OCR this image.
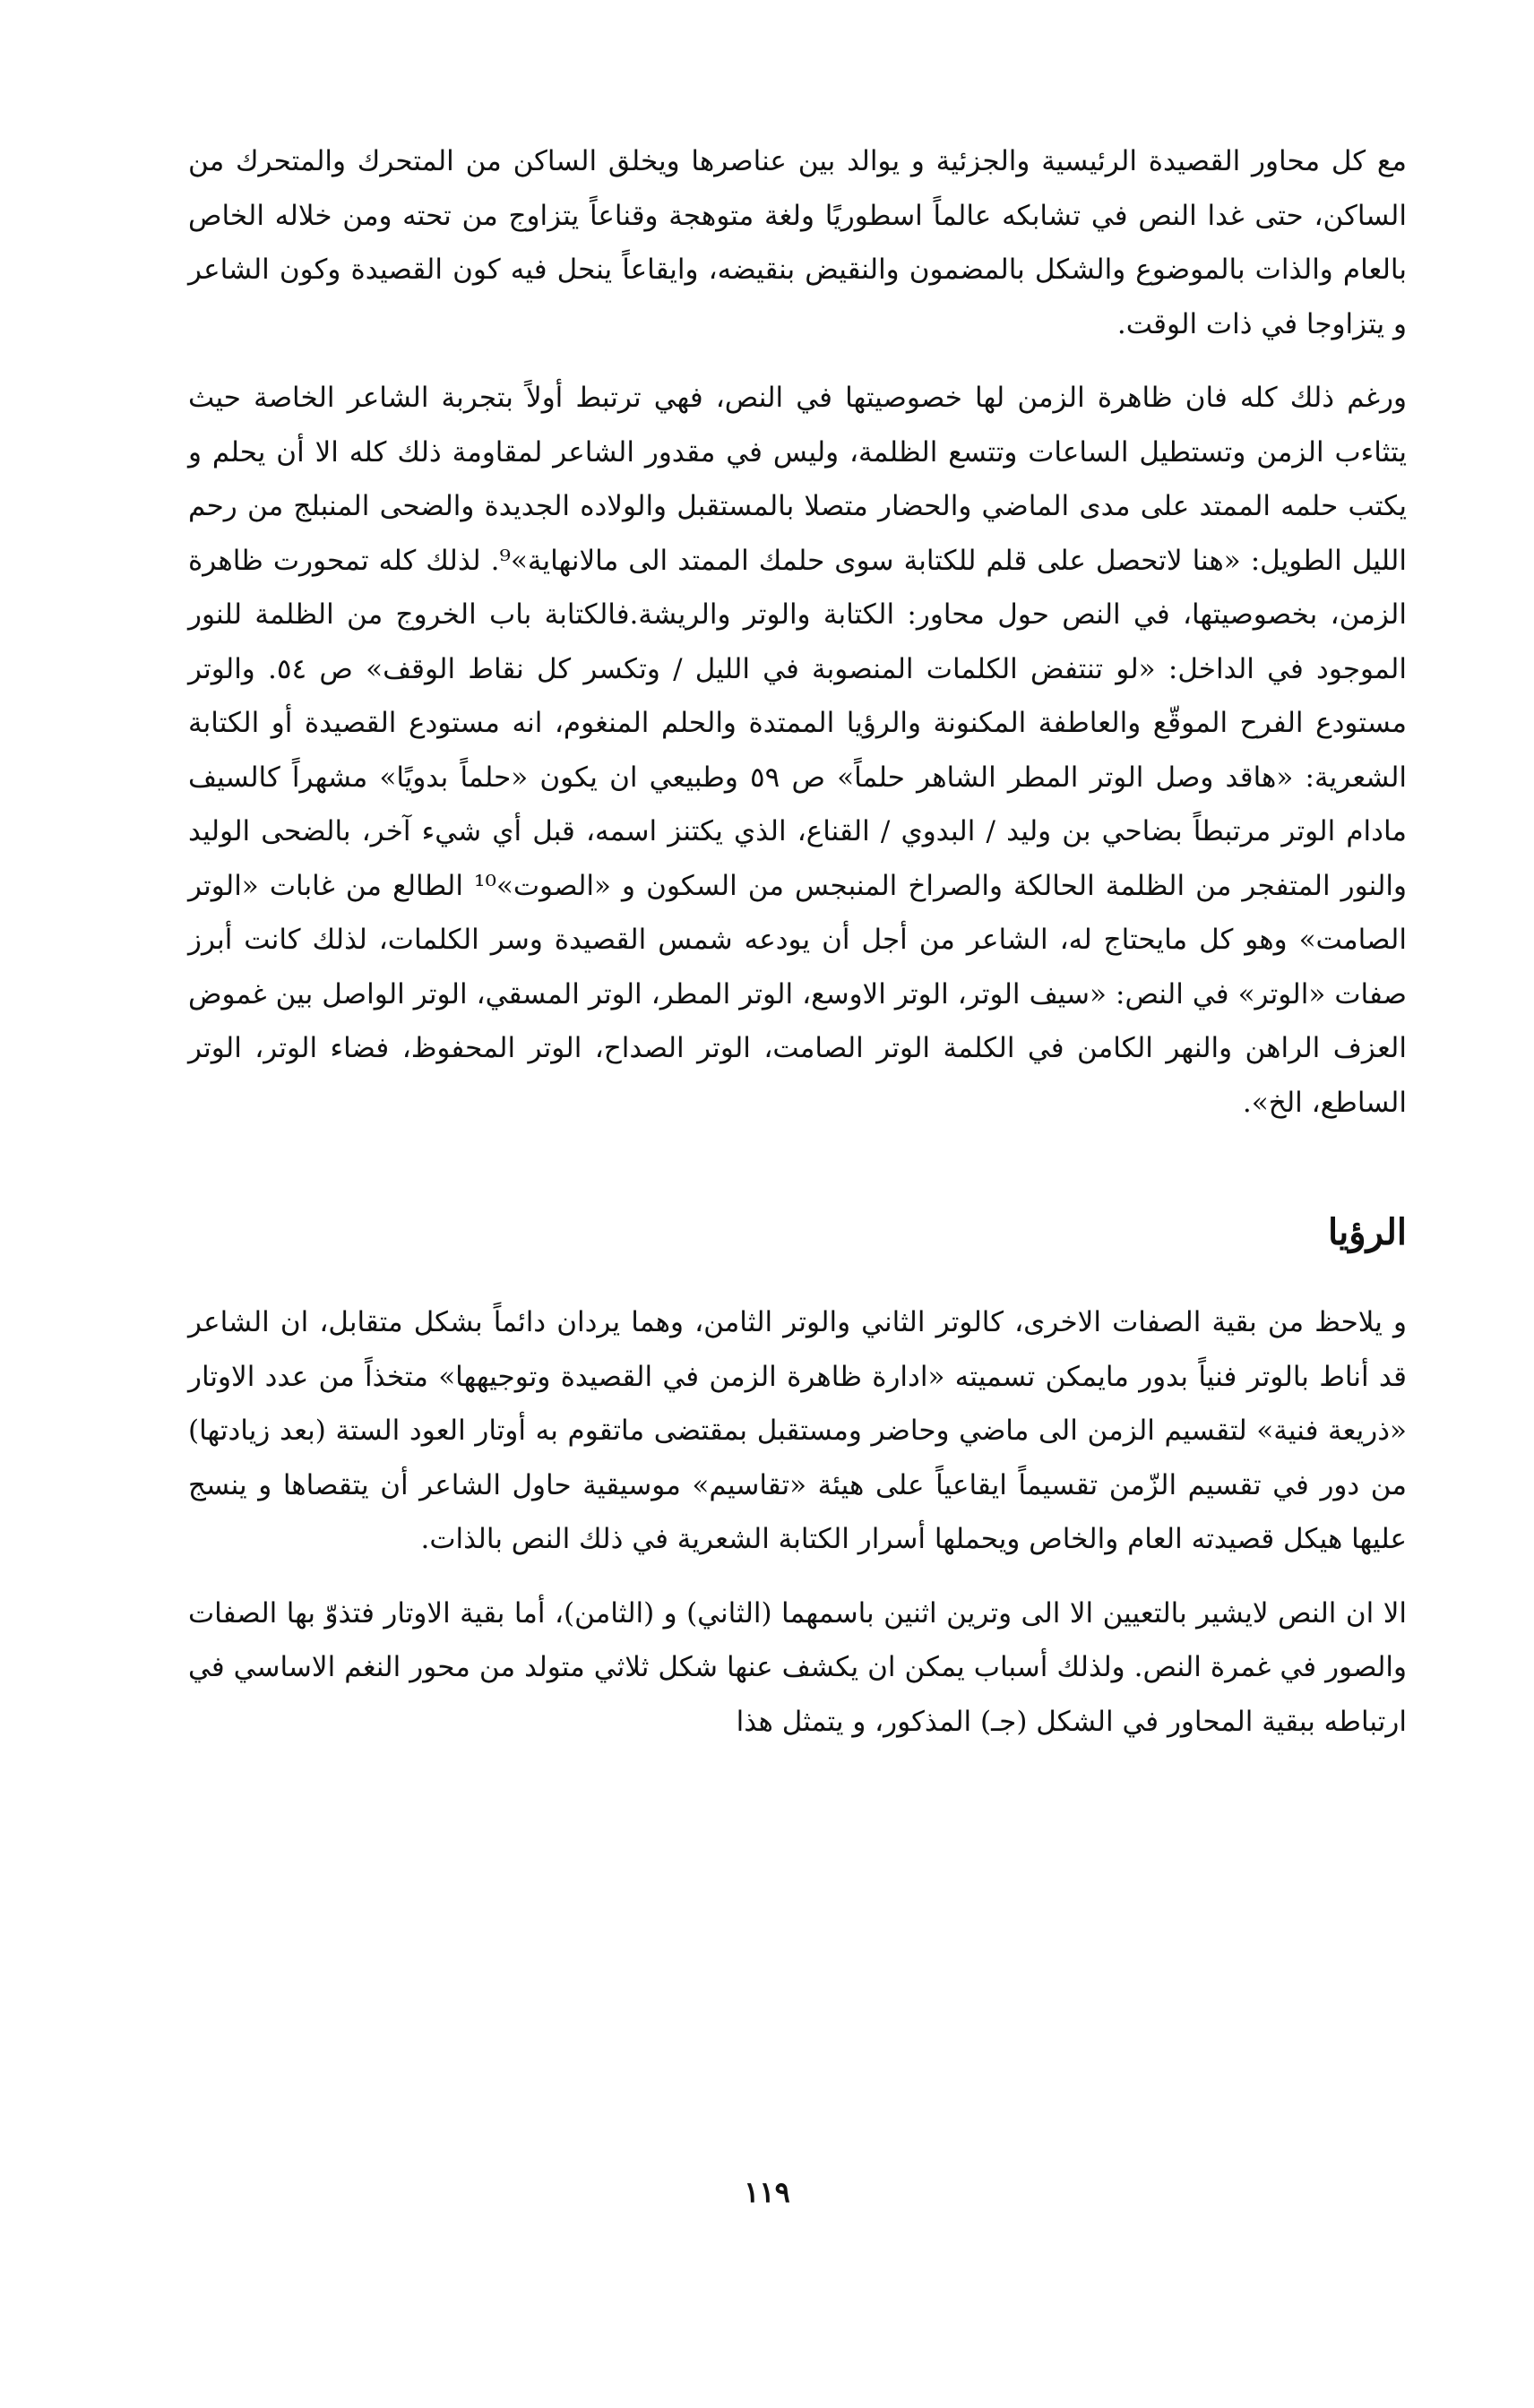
مع كل محاور القصيدة الرئيسية والجزئية و يوالد بين عناصرها ويخلق الساكن من المتحرك والمتحرك من الساكن، حتى غدا النص في تشابكه عالماً اسطوريًا ولغة متوهجة وقناعاً يتزاوج من تحته ومن خلاله الخاص بالعام والذات بالموضوع والشكل بالمضمون والنقيض بنقيضه، وايقاعاً ينحل فيه كون القصيدة وكون الشاعر و يتزاوجا في ذات الوقت.

ورغم ذلك كله فان ظاهرة الزمن لها خصوصيتها في النص، فهي ترتبط أولاً بتجربة الشاعر الخاصة حيث يتثاءب الزمن وتستطيل الساعات وتتسع الظلمة، وليس في مقدور الشاعر لمقاومة ذلك كله الا أن يحلم و يكتب حلمه الممتد على مدى الماضي والحضار متصلا بالمستقبل والولاده الجديدة والضحى المنبلج من رحم الليل الطويل: «هنا لاتحصل على قلم للكتابة سوى حلمك الممتد الى مالانهاية»⁹. لذلك كله تمحورت ظاهرة الزمن، بخصوصيتها، في النص حول محاور: الكتابة والوتر والريشة.فالكتابة باب الخروج من الظلمة للنور الموجود في الداخل: «لو تنتفض الكلمات المنصوبة في الليل / وتكسر كل نقاط الوقف» ص ٥٤. والوتر مستودع الفرح الموقّع والعاطفة المكنونة والرؤيا الممتدة والحلم المنغوم، انه مستودع القصيدة أو الكتابة الشعرية: «هاقد وصل الوتر المطر الشاهر حلماً» ص ٥٩ وطبيعي ان يكون «حلماً بدويًا» مشهراً كالسيف مادام الوتر مرتبطاً بضاحي بن وليد / البدوي / القناع، الذي يكتنز اسمه، قبل أي شيء آخر، بالضحى الوليد والنور المتفجر من الظلمة الحالكة والصراخ المنبجس من السكون و «الصوت»¹⁰ الطالع من غابات «الوتر الصامت» وهو كل مايحتاج له، الشاعر من أجل أن يودعه شمس القصيدة وسر الكلمات، لذلك كانت أبرز صفات «الوتر» في النص: «سيف الوتر، الوتر الاوسع، الوتر المطر، الوتر المسقي، الوتر الواصل بين غموض العزف الراهن والنهر الكامن في الكلمة الوتر الصامت، الوتر الصداح، الوتر المحفوظ، فضاء الوتر، الوتر الساطع، الخ».

الرؤيا

و يلاحظ من بقية الصفات الاخرى، كالوتر الثاني والوتر الثامن، وهما يردان دائماً بشكل متقابل، ان الشاعر قد أناط بالوتر فنياً بدور مايمكن تسميته «ادارة ظاهرة الزمن في القصيدة وتوجيهها» متخذاً من عدد الاوتار «ذريعة فنية» لتقسيم الزمن الى ماضي وحاضر ومستقبل بمقتضى ماتقوم به أوتار العود الستة (بعد زيادتها) من دور في تقسيم الزّمن تقسيماً ايقاعياً على هيئة «تقاسيم» موسيقية حاول الشاعر أن يتقصاها و ينسج عليها هيكل قصيدته العام والخاص ويحملها أسرار الكتابة الشعرية في ذلك النص بالذات.

الا ان النص لايشير بالتعيين الا الى وترين اثنين باسمهما (الثاني) و (الثامن)، أما بقية الاوتار فتذوّ بها الصفات والصور في غمرة النص. ولذلك أسباب يمكن ان يكشف عنها شكل ثلاثي متولد من محور النغم الاساسي في ارتباطه ببقية المحاور في الشكل (جـ) المذكور، و يتمثل هذا

١١٩
